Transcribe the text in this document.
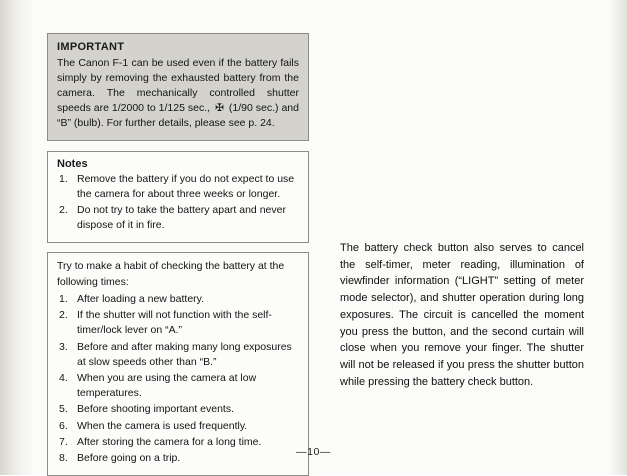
IMPORTANT
The Canon F-1 can be used even if the battery fails simply by removing the exhausted battery from the camera. The mechanically controlled shutter speeds are 1/2000 to 1/125 sec.,  ✠  (1/90 sec.) and “B” (bulb). For further details, please see p. 24.
Notes
1. Remove the battery if you do not expect to use the camera for about three weeks or longer.
2. Do not try to take the battery apart and never dispose of it in fire.
Try to make a habit of checking the battery at the following times:
1. After loading a new battery.
2. If the shutter will not function with the self-timer/lock lever on “A.”
3. Before and after making many long exposures at slow speeds other than “B.”
4. When you are using the camera at low temperatures.
5. Before shooting important events.
6. When the camera is used frequently.
7. After storing the camera for a long time.
8. Before going on a trip.

The battery check button also serves to cancel the self-timer, meter reading, illumination of viewfinder information (“LIGHT” setting of meter mode selector), and shutter operation during long exposures. The circuit is cancelled the moment you press the button, and the second curtain will close when you remove your finger. The shutter will not be released if you press the shutter button while pressing the battery check button.

—10—
